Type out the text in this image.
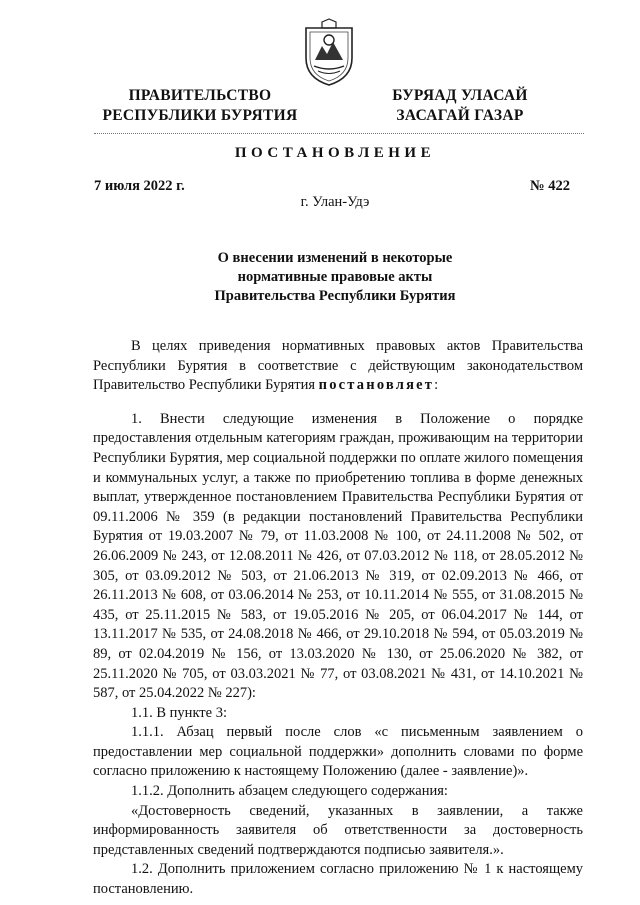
ПРАВИТЕЛЬСТВО
РЕСПУБЛИКИ БУРЯТИЯ
БУРЯАД УЛАСАЙ
ЗАСАГАЙ ГАЗАР
ПОСТАНОВЛЕНИЕ
7 июля 2022 г.	№ 422
г. Улан-Удэ
О внесении изменений в некоторые
нормативные правовые акты
Правительства Республики Бурятия

В целях приведения нормативных правовых актов Правительства Республики Бурятия в соответствие с действующим законодательством Правительство Республики Бурятия постановляет:

1. Внести следующие изменения в Положение о порядке предоставления отдельным категориям граждан, проживающим на территории Республики Бурятия, мер социальной поддержки по оплате жилого помещения и коммунальных услуг, а также по приобретению топлива в форме денежных выплат, утвержденное постановлением Правительства Республики Бурятия от 09.11.2006 № 359 (в редакции постановлений Правительства Республики Бурятия от 19.03.2007 № 79, от 11.03.2008 № 100, от 24.11.2008 № 502, от 26.06.2009 № 243, от 12.08.2011 № 426, от 07.03.2012 № 118, от 28.05.2012 № 305, от 03.09.2012 № 503, от 21.06.2013 № 319, от 02.09.2013 № 466, от 26.11.2013 № 608, от 03.06.2014 № 253, от 10.11.2014 № 555, от 31.08.2015 № 435, от 25.11.2015 № 583, от 19.05.2016 № 205, от 06.04.2017 № 144, от 13.11.2017 № 535, от 24.08.2018 № 466, от 29.10.2018 № 594, от 05.03.2019 № 89, от 02.04.2019 № 156, от 13.03.2020 № 130, от 25.06.2020 № 382, от 25.11.2020 № 705, от 03.03.2021 № 77, от 03.08.2021 № 431, от 14.10.2021 № 587, от 25.04.2022 № 227):

1.1. В пункте 3:

1.1.1. Абзац первый после слов «с письменным заявлением о предоставлении мер социальной поддержки» дополнить словами по форме согласно приложению к настоящему Положению (далее - заявление)».

1.1.2. Дополнить абзацем следующего содержания:

«Достоверность сведений, указанных в заявлении, а также информированность заявителя об ответственности за достоверность представленных сведений подтверждаются подписью заявителя.».

1.2. Дополнить приложением согласно приложению № 1 к настоящему постановлению.
